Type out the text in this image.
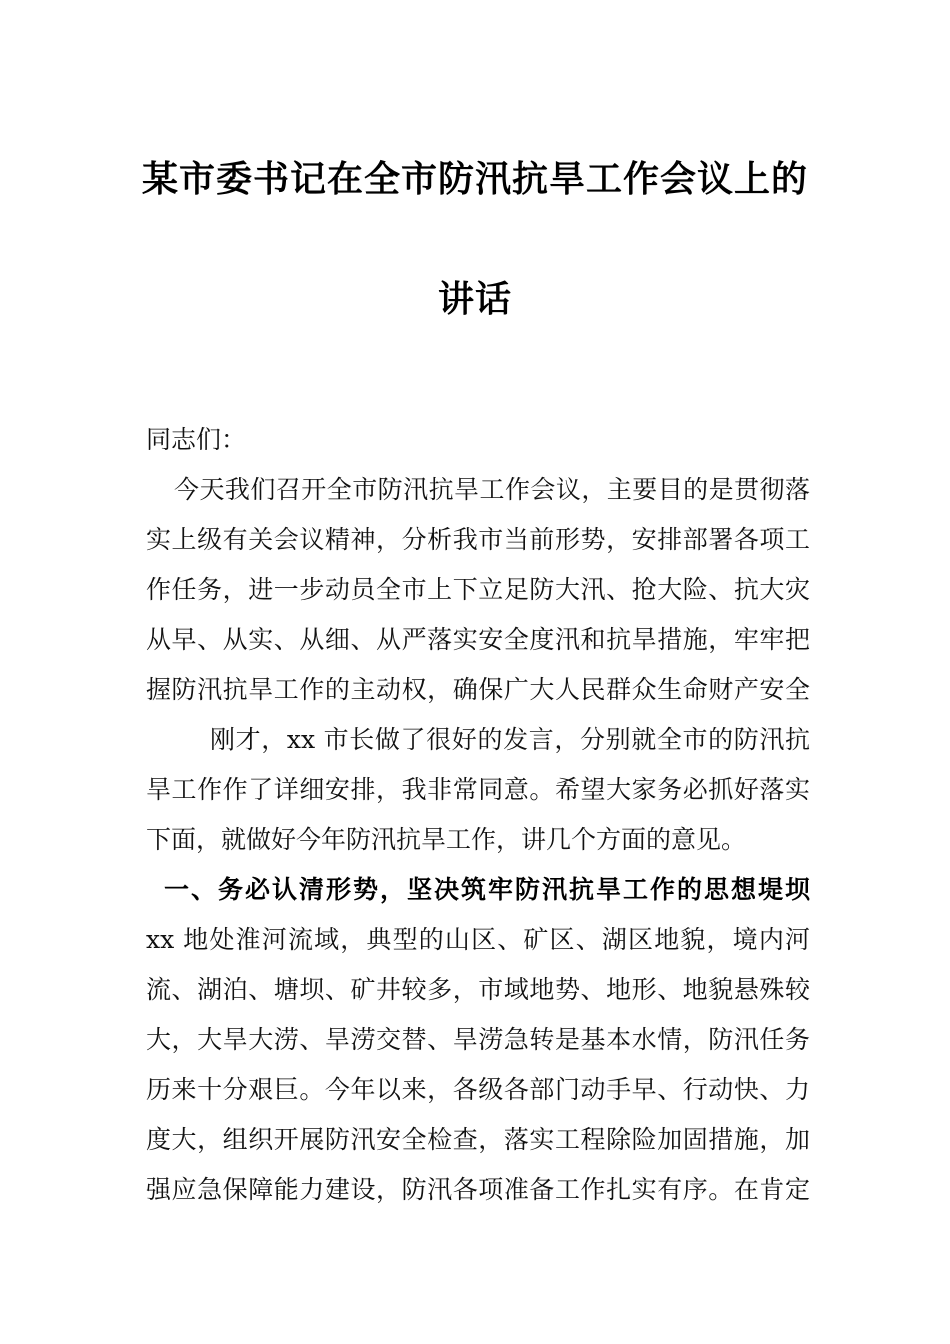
某市委书记在全市防汛抗旱工作会议上的
讲话
同志们：
今天我们召开全市防汛抗旱工作会议，主要目的是贯彻落
实上级有关会议精神，分析我市当前形势，安排部署各项工
作任务，进一步动员全市上下立足防大汛、抢大险、抗大灾
从早、从实、从细、从严落实安全度汛和抗旱措施，牢牢把
握防汛抗旱工作的主动权，确保广大人民群众生命财产安全
刚才，xx 市长做了很好的发言，分别就全市的防汛抗
旱工作作了详细安排，我非常同意。希望大家务必抓好落实
下面，就做好今年防汛抗旱工作，讲几个方面的意见。
一、务必认清形势，坚决筑牢防汛抗旱工作的思想堤坝
xx 地处淮河流域，典型的山区、矿区、湖区地貌，境内河
流、湖泊、塘坝、矿井较多，市域地势、地形、地貌悬殊较
大，大旱大涝、旱涝交替、旱涝急转是基本水情，防汛任务
历来十分艰巨。今年以来，各级各部门动手早、行动快、力
度大，组织开展防汛安全检查，落实工程除险加固措施，加
强应急保障能力建设，防汛各项准备工作扎实有序。在肯定
